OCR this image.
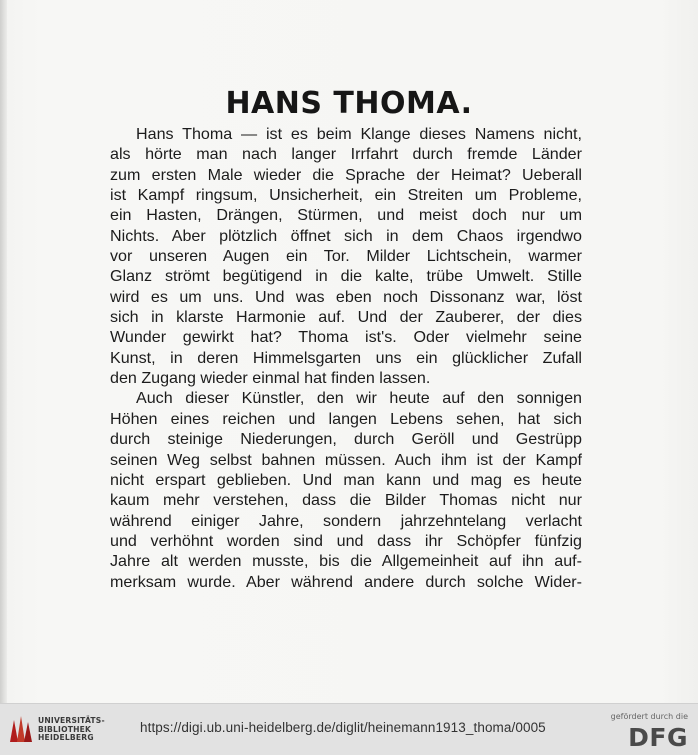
HANS THOMA.
Hans Thoma — ist es beim Klange dieses Namens nicht,
als hörte man nach langer Irrfahrt durch fremde Länder
zum ersten Male wieder die Sprache der Heimat? Ueberall
ist Kampf ringsum, Unsicherheit, ein Streiten um Probleme,
ein Hasten, Drängen, Stürmen, und meist doch nur um
Nichts. Aber plötzlich öffnet sich in dem Chaos irgendwo
vor unseren Augen ein Tor. Milder Lichtschein, warmer
Glanz strömt begütigend in die kalte, trübe Umwelt. Stille
wird es um uns. Und was eben noch Dissonanz war, löst
sich in klarste Harmonie auf. Und der Zauberer, der dies
Wunder gewirkt hat? Thoma ist's. Oder vielmehr seine
Kunst, in deren Himmelsgarten uns ein glücklicher Zufall
den Zugang wieder einmal hat finden lassen.
Auch dieser Künstler, den wir heute auf den sonnigen
Höhen eines reichen und langen Lebens sehen, hat sich
durch steinige Niederungen, durch Geröll und Gestrüpp
seinen Weg selbst bahnen müssen. Auch ihm ist der Kampf
nicht erspart geblieben. Und man kann und mag es heute
kaum mehr verstehen, dass die Bilder Thomas nicht nur
während einiger Jahre, sondern jahrzehntelang verlacht
und verhöhnt worden sind und dass ihr Schöpfer fünfzig
Jahre alt werden musste, bis die Allgemeinheit auf ihn auf-
merksam wurde. Aber während andere durch solche Wider-
UNIVERSITÄTS-
BIBLIOTHEK
HEIDELBERG
https://digi.ub.uni-heidelberg.de/diglit/heinemann1913_thoma/0005
gefördert durch die
DFG
